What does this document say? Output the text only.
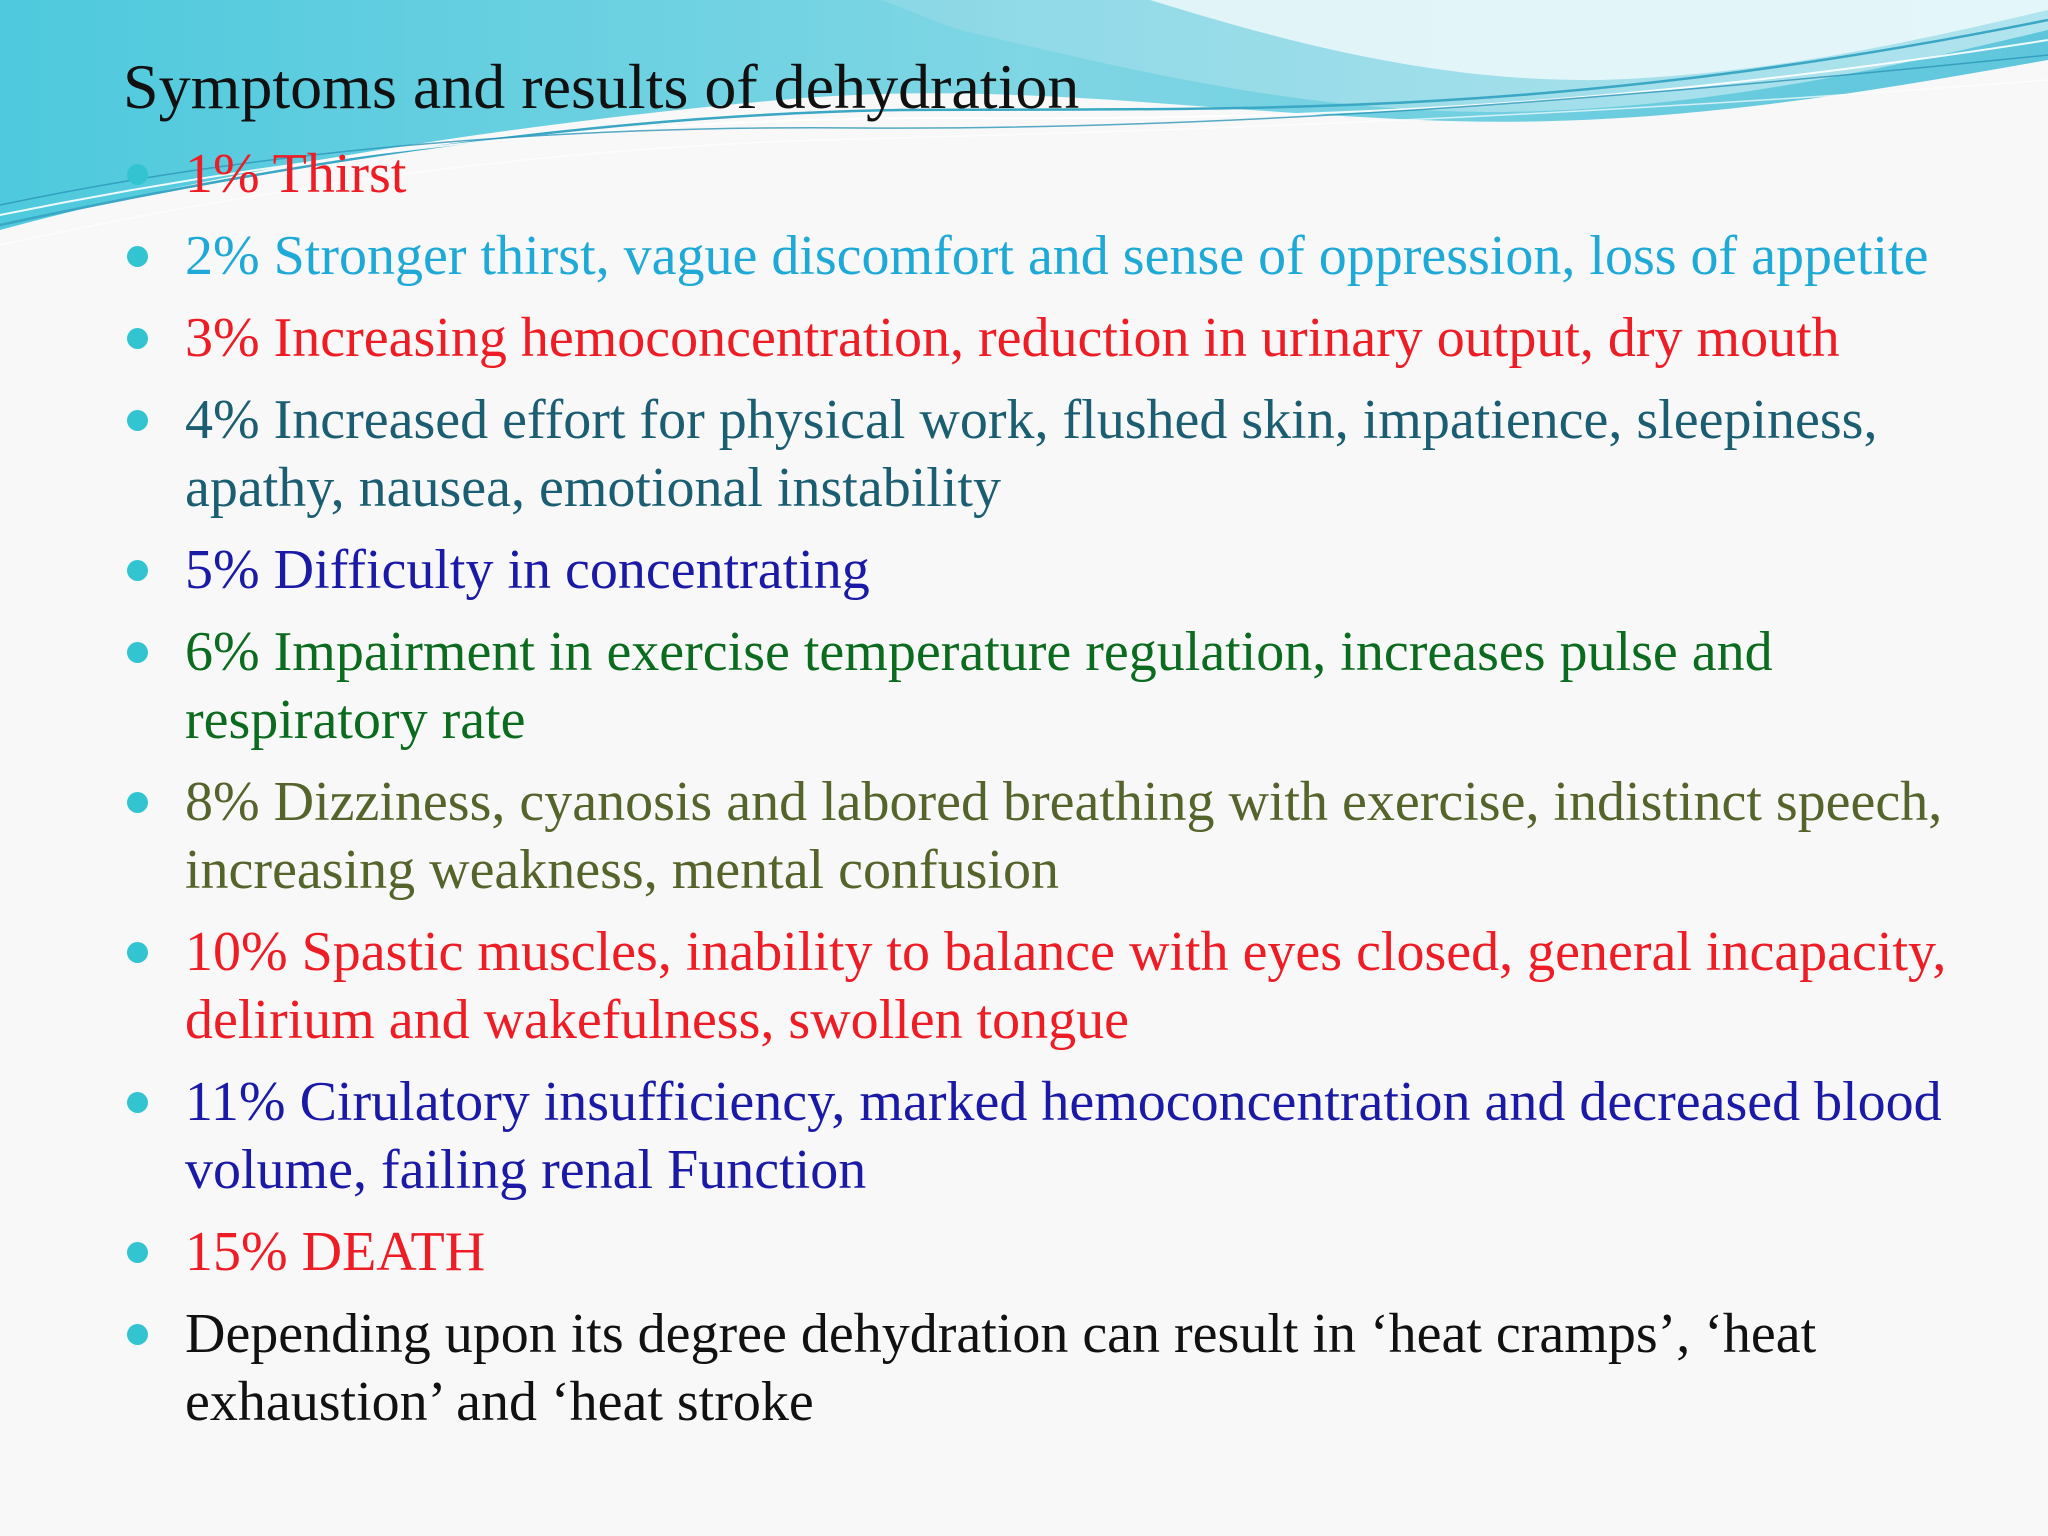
Symptoms and results of dehydration
1% Thirst
2% Stronger thirst, vague discomfort and sense of oppression, loss of appetite
3% Increasing hemoconcentration, reduction in urinary output, dry mouth
4% Increased effort for physical work, flushed skin, impatience, sleepiness, apathy, nausea, emotional instability
5% Difficulty in concentrating
6% Impairment in exercise temperature regulation, increases pulse and respiratory rate
8% Dizziness, cyanosis and labored breathing with exercise, indistinct speech, increasing weakness, mental confusion
10% Spastic muscles, inability to balance with eyes closed, general incapacity, delirium and wakefulness, swollen tongue
11% Cirulatory insufficiency, marked hemoconcentration and decreased blood volume, failing renal Function
15% DEATH
Depending upon its degree dehydration can result in ‘heat cramps’, ‘heat exhaustion’ and ‘heat stroke
